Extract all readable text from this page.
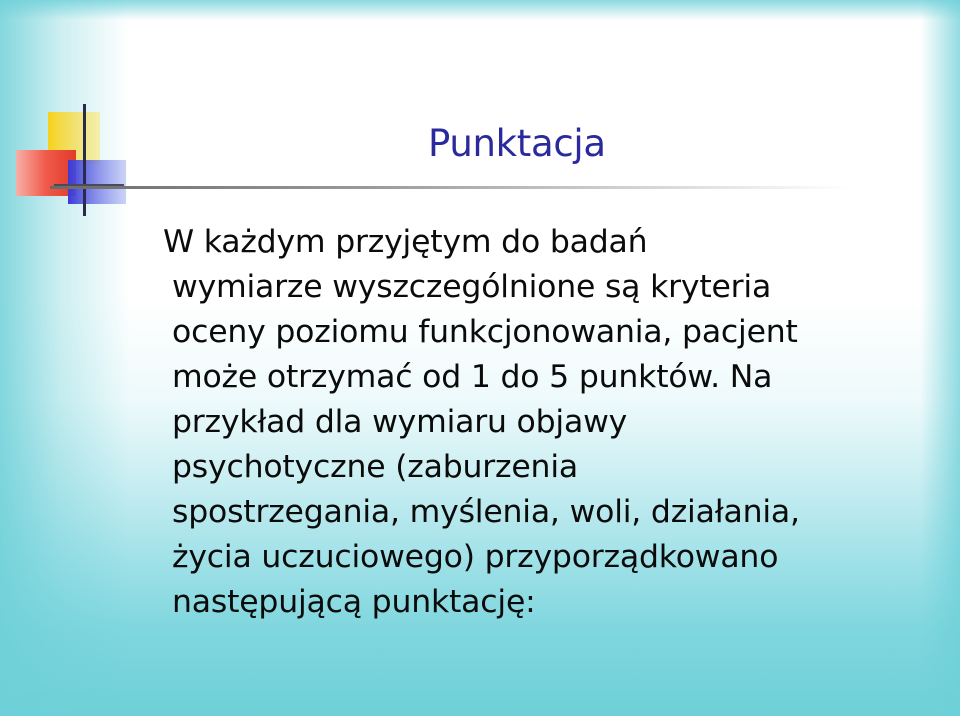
Punktacja

W każdym przyjętym do badań
wymiarze wyszczególnione są kryteria
oceny poziomu funkcjonowania, pacjent
może otrzymać od 1 do 5 punktów. Na
przykład dla wymiaru objawy
psychotyczne (zaburzenia
spostrzegania, myślenia, woli, działania,
życia uczuciowego) przyporządkowano
następującą punktację:
